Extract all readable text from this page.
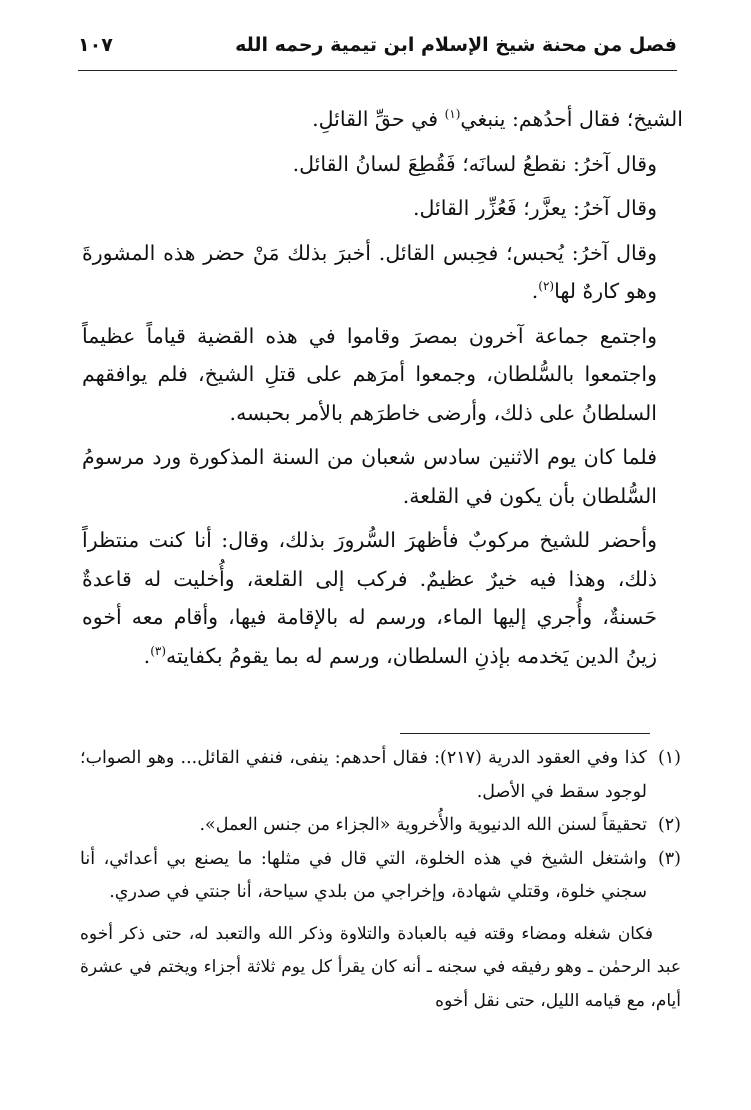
فصل من محنة شيخ الإسلام ابن تيمية رحمه الله
١٠٧

الشيخ؛ فقال أحدُهم: ينبغي$^{(١)}$ في حقِّ القائلِ.

وقال آخرُ: نقطعُ لسانَه؛ فَقُطِعَ لسانُ القائل.

وقال آخرُ: يعزَّر؛ فَعُزِّر القائل.

وقال آخرُ: يُحبس؛ فحِبس القائل. أخبرَ بذلك مَنْ حضر هذه المشورةَ وهو كارهٌ لها$^{(٢)}$.

واجتمع جماعة آخرون بمصرَ وقاموا في هذه القضية قياماً عظيماً واجتمعوا بالسُّلطان، وجمعوا أمرَهم على قتلِ الشيخ، فلم يوافقهم السلطانُ على ذلك، وأرضى خاطرَهم بالأمر بحبسه.

فلما كان يوم الاثنين سادس شعبان من السنة المذكورة ورد مرسومُ السُّلطان بأن يكون في القلعة.

وأحضر للشيخ مركوبٌ فأظهرَ السُّرورَ بذلك، وقال: أنا كنت منتظراً ذلك، وهذا فيه خيرٌ عظيمٌ. فركب إلى القلعة، وأُخليت له قاعدةٌ حَسنةٌ، وأُجري إليها الماء، ورسم له بالإقامة فيها، وأقام معه أخوه زينُ الدين يَخدمه بإذنِ السلطان، ورسم له بما يقومُ بكفايته$^{(٣)}$.

(١)
كذا وفي العقود الدرية (٢١٧): فقال أحدهم: ينفى، فنفي القائل... وهو الصواب؛ لوجود سقط في الأصل.

(٢)
تحقيقاً لسنن الله الدنيوية والأُخروية «الجزاء من جنس العمل».

(٣)
واشتغل الشيخ في هذه الخلوة، التي قال في مثلها: ما يصنع بي أعدائي، أنا سجني خلوة، وقتلي شهادة، وإخراجي من بلدي سياحة، أنا جنتي في صدري.

فكان شغله ومضاء وقته فيه بالعبادة والتلاوة وذكر الله والتعبد له، حتى ذكر أخوه عبد الرحمٰن ـ وهو رفيقه في سجنه ـ أنه كان يقرأ كل يوم ثلاثة أجزاء ويختم في عشرة أيام، مع قيامه الليل، حتى نقل أخوه
